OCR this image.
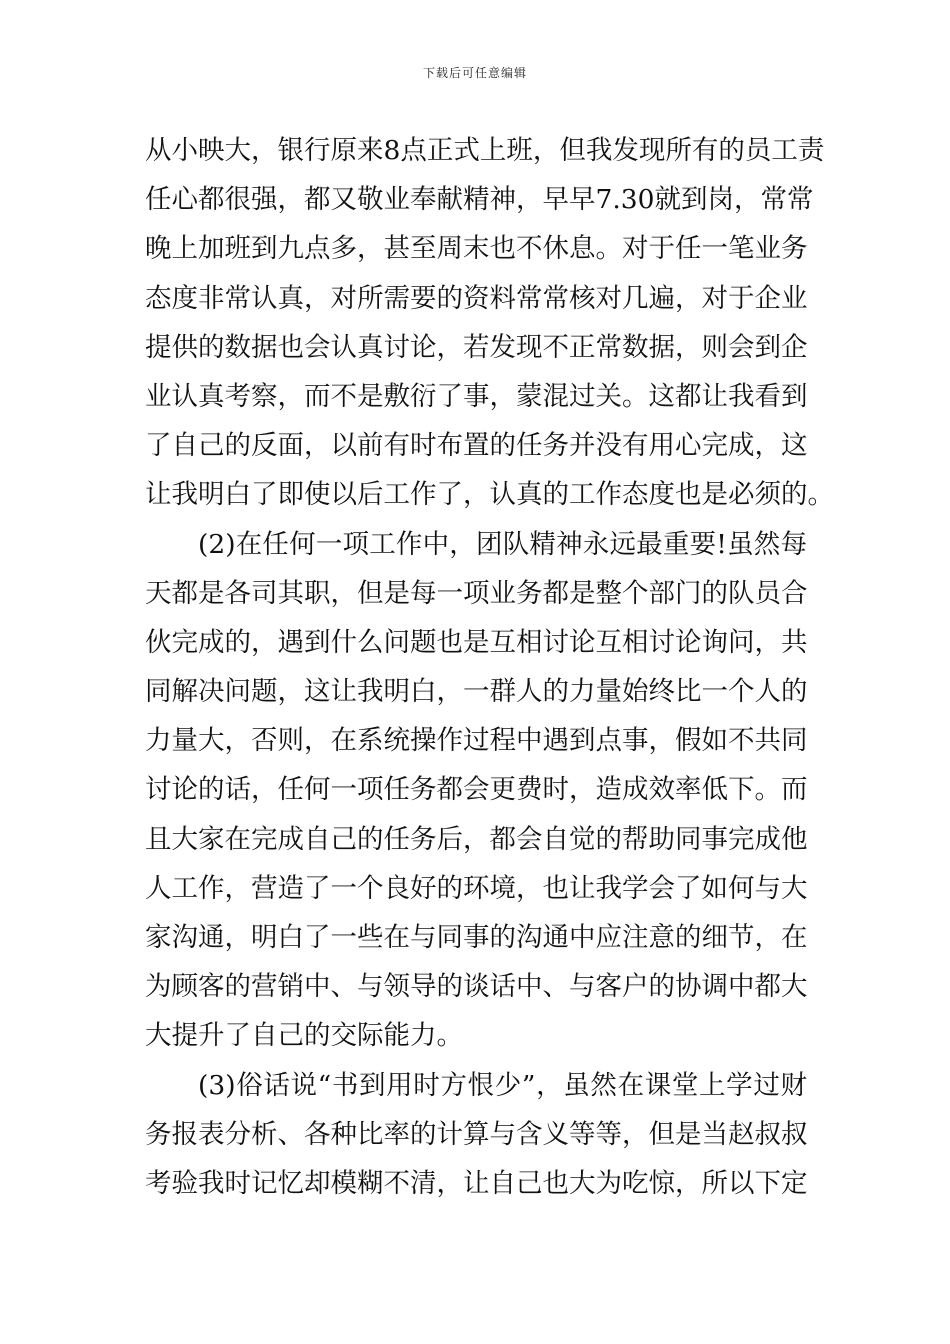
下载后可任意编辑
从小映大，银行原来8点正式上班，但我发现所有的员工责
任心都很强，都又敬业奉献精神，早早7.30就到岗，常常
晚上加班到九点多，甚至周末也不休息。对于任一笔业务
态度非常认真，对所需要的资料常常核对几遍，对于企业
提供的数据也会认真讨论，若发现不正常数据，则会到企
业认真考察，而不是敷衍了事，蒙混过关。这都让我看到
了自己的反面，以前有时布置的任务并没有用心完成，这
让我明白了即使以后工作了，认真的工作态度也是必须的。
(2)在任何一项工作中，团队精神永远最重要!虽然每
天都是各司其职，但是每一项业务都是整个部门的队员合
伙完成的，遇到什么问题也是互相讨论互相讨论询问，共
同解决问题，这让我明白，一群人的力量始终比一个人的
力量大，否则，在系统操作过程中遇到点事，假如不共同
讨论的话，任何一项任务都会更费时，造成效率低下。而
且大家在完成自己的任务后，都会自觉的帮助同事完成他
人工作，营造了一个良好的环境，也让我学会了如何与大
家沟通，明白了一些在与同事的沟通中应注意的细节，在
为顾客的营销中、与领导的谈话中、与客户的协调中都大
大提升了自己的交际能力。
(3)俗话说“书到用时方恨少”，虽然在课堂上学过财
务报表分析、各种比率的计算与含义等等，但是当赵叔叔
考验我时记忆却模糊不清，让自己也大为吃惊，所以下定
